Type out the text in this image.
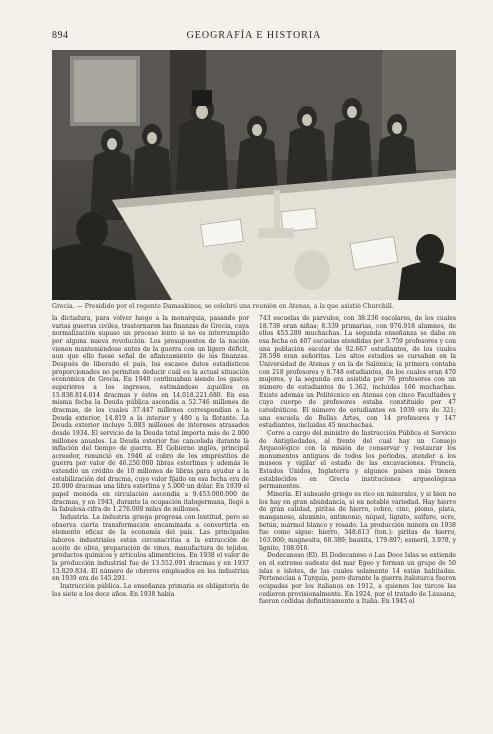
894	GEOGRAFÍA E HISTORIA
Grecia. — Presidido por el regente Damaskinos, se celebró una reunión en Atenas, a la que asistió Churchill.

la dictadura, para volver luego a la monarquía, pasando por varias guerras civiles, trastornaron las finanzas de Grecia, cuya normalización supuso un proceso lento si no es interrumpido por alguna nueva revolución. Los presupuestos de la nación vienen manteniéndose antes de la guerra con un ligero déficit, aun que ello fuese señal de afianzamiento de las finanzas. Después de liberado el país, los escasos datos estadísticos proporcionados no permiten deducir cuál es la actual situación económica de Grecia. En 1940 continuaban siendo los gastos superiores a los ingresos, estimándose aquéllos en 15.838.814.014 dracmas y éstos en 14.018.221.680. En esa misma fecha la Deuda pública ascendía a 52.746 millones de dracmas, de los cuales 37.447 millones correspondían a la Deuda exterior, 14.819 a la interior y 480 a la flotante. La Deuda exterior incluye 5.083 millones de intereses atrasados desde 1934. El servicio de la Deuda total importa más de 2.000 millones anuales. La Deuda exterior fue cancelada durante la inflación del tiempo de guerra. El Gobierno inglés, principal acreedor, renunció en 1946 al cobro de los empréstitos de guerra por valor de 46.250.000 libras esterlinas y además le extendió un crédito de 10 millones de libras para ayudar a la estabilización del dracma, cuyo valor fijado en esa fecha era de 20.000 dracmas una libra esterlina y 5.000 un dólar. En 1939 el papel moneda en circulación ascendía a 9.453.000.000 de dracmas, y en 1943, durante la ocupación italogermana, llegó a la fabulosa cifra de 1.276.000 miles de millones.

Industria. La industria griega progresa con lentitud, pero se observa cierta transformación encaminada a convertirla en elemento eficaz de la economía del país. Las principales labores industriales están circunscritas a la extracción de aceite de oliva, preparación de vinos, manufactura de tejidos, productos químicos y artículos alimenticios. En 1938 el valor de la producción industrial fue de 13.552.091 dracmas y en 1937 13.829.834. El número de obreros empleados en las industrias en 1939 era de 145.291.

Instrucción pública. La enseñanza primaria es obligatoria de los siete a los doce años. En 1938 había

743 escuelas de párvulos, con 38.236 escolares, de los cuales 18.738 eran niñas; 8.339 primarias, con 976.018 alumnos, de ellos 453.280 muchachas. La segunda enseñanza se daba en esa fecha en 407 escuelas atendidas por 3.759 profesores y con una población escolar de 92.667 estudiantes, de los cuales 28.598 eran señoritas. Los altos estudios se cursaban en la Universidad de Atenas y en la de Salónica; la primera contaba con 218 profesores y 8.748 estudiantes, de los cuales eran 470 mujeres, y la segunda era asistida por 76 profesores con un número de estudiantes de 1.362, incluidas 166 muchachas. Existe además un Politécnico en Atenas con cinco Facultades y cuyo cuerpo de profesores estaba constituido por 47 catedráticos. El número de estudiantes en 1939 era de 321; una escuela de Bellas Artes, con 14 profesores y 147 estudiantes, incluidas 45 muchachas.

Corre a cargo del ministro de Instrucción Pública el Servicio de Antigüedades, al frente del cual hay un Consejo Arqueológico con la misión de conservar y restaurar los monumentos antiguos de todos los períodos, atender a los museos y vigilar el estado de las excavaciones. Francia, Estados Unidos, Inglaterra y algunos países más tienen establecidos en Grecia instituciones arqueológicas permanentes.

Minería. El subsuelo griego es rico en minerales, y si bien no los hay en gran abundancia, si en notable variedad. Hay hierro de gran calidad, piritas de hierro, cobre, cinc, plomo, plata, manganeso, aluminio, antimonio, níquel, lignito, sulfuro, ocre, betún, mármol blanco y rosado. La producción minera en 1938 fue como sigue: hierro, 348.613 (ton.); piritas de hierro, 163.000; magnesita, 60.389; bauxita, 179.897; esmeril, 3.978, y lignito, 108.010.

Dodecaneso (El). El Dodecaneso o Las Doce Islas se extiende en el extremo sudeste del mar Egeo y forman un grupo de 50 islas e islotes, de las cuales solamente 14 están habitadas. Pertenecían a Turquía, pero durante la guerra italoturca fueron ocupadas por los italianos en 1912, a quienes los turcos las cedieron provisionalmente. En 1924, por el tratado de Lausana, fueron cedidas definitivamente a Italia. En 1945 el
